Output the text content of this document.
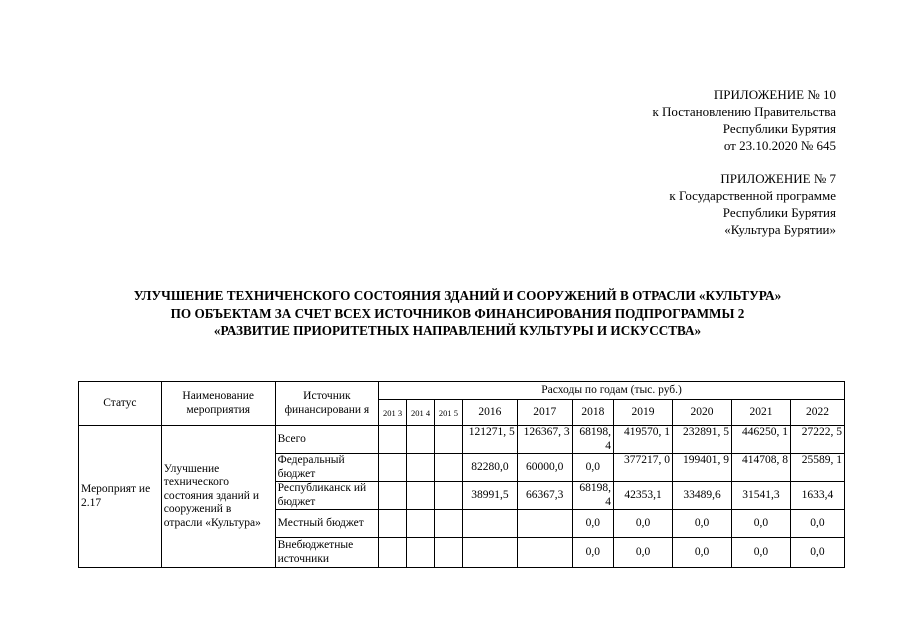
ПРИЛОЖЕНИЕ № 10
к Постановлению Правительства
Республики Бурятия
от 23.10.2020 № 645
ПРИЛОЖЕНИЕ № 7
к Государственной программе
Республики Бурятия
«Культура Бурятии»
УЛУЧШЕНИЕ ТЕХНИЧЕНСКОГО СОСТОЯНИЯ ЗДАНИЙ И СООРУЖЕНИЙ В ОТРАСЛИ «КУЛЬТУРА»
ПО ОБЪЕКТАМ ЗА СЧЕТ ВСЕХ ИСТОЧНИКОВ ФИНАНСИРОВАНИЯ ПОДПРОГРАММЫ 2
«РАЗВИТИЕ ПРИОРИТЕТНЫХ НАПРАВЛЕНИЙ КУЛЬТУРЫ И ИСКУССТВА»
Статус	Наименование мероприятия	Источник финансировани я	Расходы по годам (тыс. руб.)									
			201 3	201 4	201 5	2016	2017	2018	2019	2020	2021	2022
Мероприят ие 2.17	Улучшение технического состояния зданий и сооружений в отрасли «Культура»	Всего				121271, 5	126367, 3	68198, 4	419570, 1	232891, 5	446250, 1	27222, 5
		Федеральный бюджет				82280,0	60000,0	0,0	377217, 0	199401, 9	414708, 8	25589, 1
		Республиканск ий бюджет				38991,5	66367,3	68198, 4	42353,1	33489,6	31541,3	1633,4
		Местный бюджет						0,0	0,0	0,0	0,0	0,0
		Внебюджетные источники						0,0	0,0	0,0	0,0	0,0
